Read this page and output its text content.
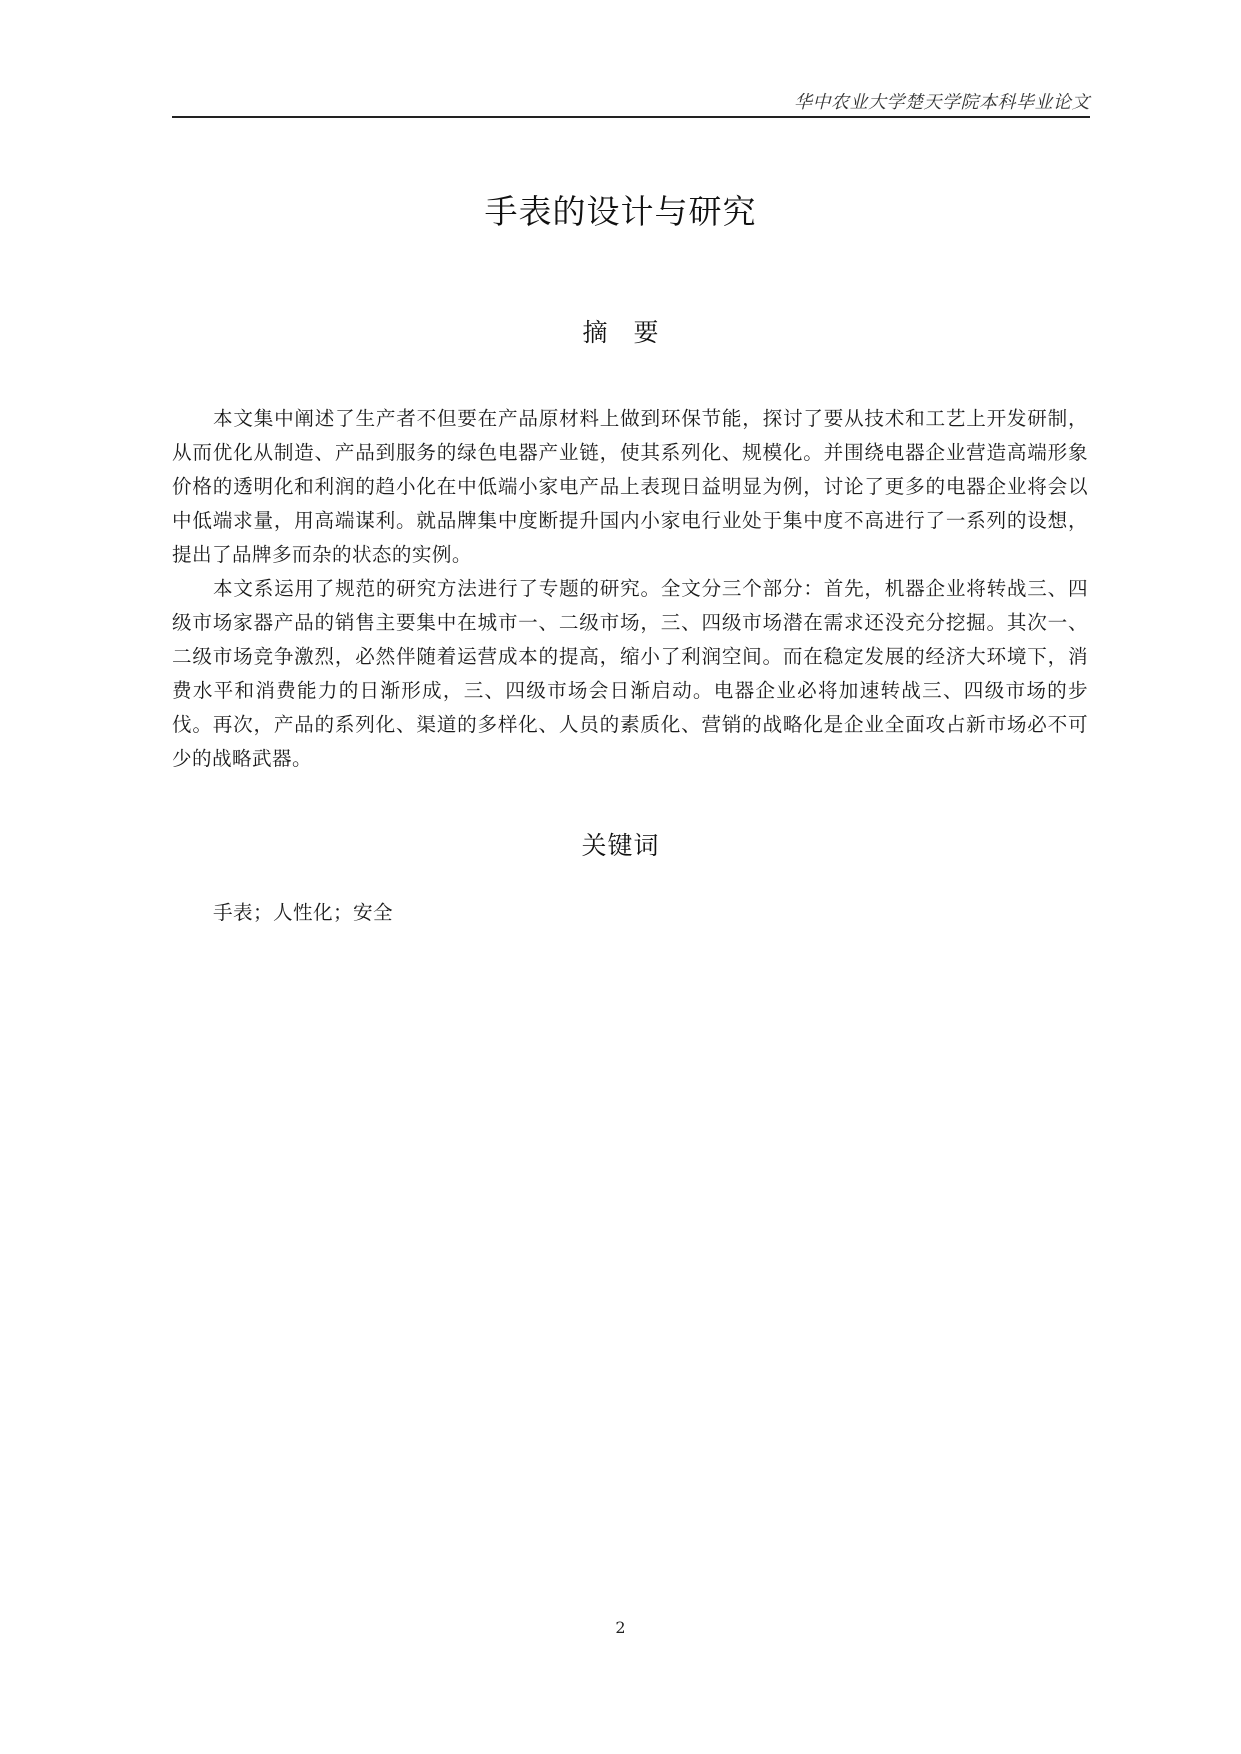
华中农业大学楚天学院本科毕业论文
手表的设计与研究
摘要

本文集中阐述了生产者不但要在产品原材料上做到环保节能，探讨了要从技术和工艺上开发研制，从而优化从制造、产品到服务的绿色电器产业链，使其系列化、规模化。并围绕电器企业营造高端形象价格的透明化和利润的趋小化在中低端小家电产品上表现日益明显为例，讨论了更多的电器企业将会以中低端求量，用高端谋利。就品牌集中度断提升国内小家电行业处于集中度不高进行了一系列的设想，提出了品牌多而杂的状态的实例。

本文系运用了规范的研究方法进行了专题的研究。全文分三个部分：首先，机器企业将转战三、四级市场家器产品的销售主要集中在城市一、二级市场，三、四级市场潜在需求还没充分挖掘。其次一、二级市场竞争激烈，必然伴随着运营成本的提高，缩小了利润空间。而在稳定发展的经济大环境下，消费水平和消费能力的日渐形成，三、四级市场会日渐启动。电器企业必将加速转战三、四级市场的步伐。再次，产品的系列化、渠道的多样化、人员的素质化、营销的战略化是企业全面攻占新市场必不可少的战略武器。

关键词
手表；人性化；安全
2
